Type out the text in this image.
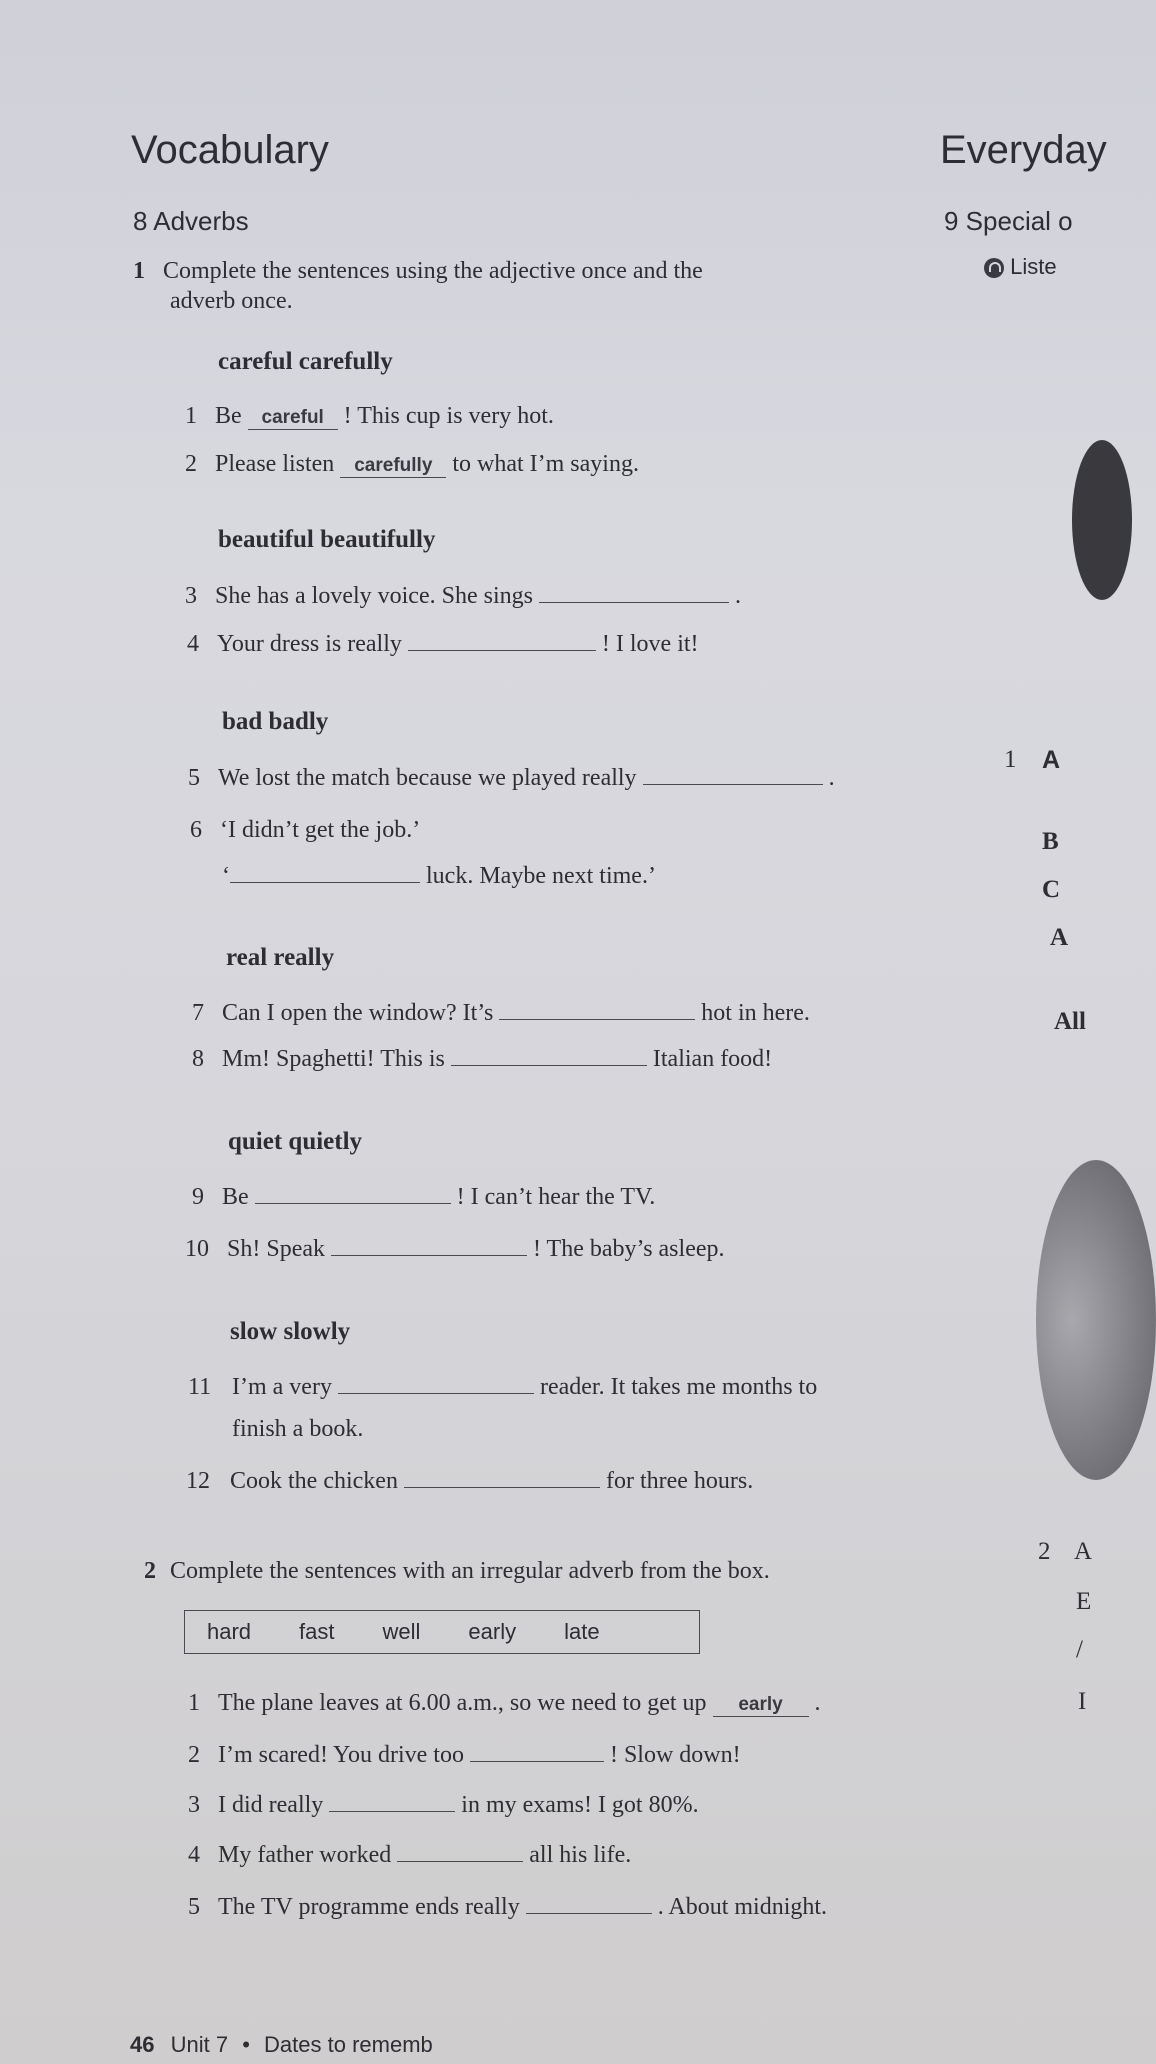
Vocabulary	Everyday
8 Adverbs	9 Special o
Liste
1 Complete the sentences using the adjective once and the
adverb once.
careful carefully
1 Be careful ! This cup is very hot.
2 Please listen carefully to what I’m saying.
beautiful beautifully
3 She has a lovely voice. She sings	.
4 Your dress is really	! I love it!
bad badly
5 We lost the match because we played really	.
6 ‘I didn’t get the job.’
‘	luck. Maybe next time.’
real really
7 Can I open the window? It’s	hot in here.
8 Mm! Spaghetti! This is	Italian food!
quiet quietly
9 Be	! I can’t hear the TV.
10 Sh! Speak	! The baby’s asleep.
slow slowly
11 I’m a very	reader. It takes me months to
finish a book.
12 Cook the chicken	for three hours.
2 Complete the sentences with an irregular adverb from the box.
hard fast well early late
1 The plane leaves at 6.00 a.m., so we need to get up early .
2 I’m scared! You drive too	! Slow down!
3 I did really	in my exams! I got 80%.
4 My father worked	all his life.
5 The TV programme ends really	. About midnight.
1 A
B
C
A
All
2 A
E
/
I
46 Unit 7 • Dates to rememb
